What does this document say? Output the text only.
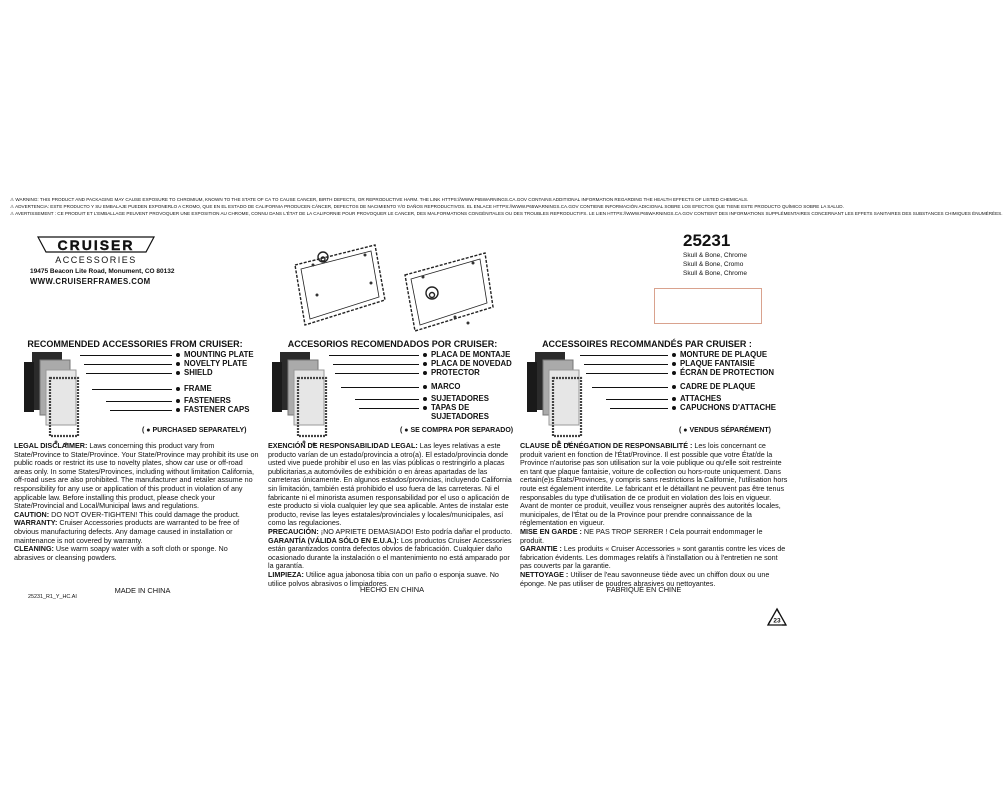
⚠ WARNING: THIS PRODUCT AND PACKAGING MAY CAUSE EXPOSURE TO CHROMIUM, KNOWN TO THE STATE OF CA TO CAUSE CANCER, BIRTH DEFECTS, OR REPRODUCTIVE HARM. THE LINK HTTPS://WWW.P65WARNINGS.CA.GOV CONTAINS ADDITIONAL INFORMATION REGARDING THE HEALTH EFFECTS OF LISTED CHEMICALS.
⚠ ADVERTENCIA: ESTE PRODUCTO Y SU EMBALAJE PUEDEN EXPONERLO A CROMO, QUE EN EL ESTADO DE CALIFORNIA PRODUCEN CÁNCER, DEFECTOS DE NACIMIENTO Y/O DAÑOS REPRODUCTIVOS. EL ENLACE HTTPS://WWW.P65WARNINGS.CA.GOV CONTIENE INFORMACIÓN ADICIONAL SOBRE LOS EFECTOS QUE TIENE ESTE PRODUCTO QUÍMICO SOBRE LA SALUD.
⚠ AVERTISSEMENT : CE PRODUIT ET L'EMBALLAGE PEUVENT PROVOQUER UNE EXPOSITION AU CHROME, CONNU DANS L'ÉTAT DE LA CALIFORNIE POUR PROVOQUER LE CANCER, DES MALFORMATIONS CONGÉNITALES OU DES TROUBLES REPRODUCTIFS. LE LIEN HTTPS://WWW.P65WARNINGS.CA.GOV CONTIENT DES INFORMATIONS SUPPLÉMENTAIRES CONCERNANT LES EFFETS SANITAIRES DES SUBSTANCES CHIMIQUES ÉNUMÉRÉES.
CRUISER
ACCESSORIES
19475 Beacon Lite Road, Monument, CO 80132
WWW.CRUISERFRAMES.COM
25231
Skull & Bone, Chrome
Skull & Bone, Cromo
Skull & Bone, Chrome
RECOMMENDED ACCESSORIES FROM CRUISER:	ACCESORIOS RECOMENDADOS POR CRUISER:	ACCESSOIRES RECOMMANDÉS PAR CRUISER :
MOUNTING PLATE
NOVELTY PLATE
SHIELD
FRAME
FASTENERS
FASTENER CAPS
( ● PURCHASED SEPARATELY)
PLACA DE MONTAJE
PLACA DE NOVEDAD
PROTECTOR
MARCO
SUJETADORES
TAPAS DE
SUJETADORES
( ● SE COMPRA POR SEPARADO)
MONTURE DE PLAQUE
PLAQUE FANTAISIE
ÉCRAN DE PROTECTION
CADRE DE PLAQUE
ATTACHES
CAPUCHONS D'ATTACHE
( ● VENDUS SÉPARÉMENT)

LEGAL DISCLAIMER: Laws concerning this product vary from State/Province to State/Province. Your State/Province may prohibit its use on public roads or restrict its use to novelty plates, show car use or off-road areas only. In some States/Provinces, including without limitation California, off-road uses are also prohibited. The manufacturer and retailer assume no responsibility for any use or application of this product in violation of any applicable law. Before installing this product, please check your State/Provincial and Local/Municipal laws and regulations.

CAUTION: DO NOT OVER-TIGHTEN! This could damage the product.

WARRANTY: Cruiser Accessories products are warranted to be free of obvious manufacturing defects. Any damage caused in installation or maintenance is not covered by warranty.

CLEANING: Use warm soapy water with a soft cloth or sponge. No abrasives or cleansing powders.

EXENCIÓN DE RESPONSABILIDAD LEGAL: Las leyes relativas a este producto varían de un estado/provincia a otro(a). El estado/provincia donde usted vive puede prohibir el uso en las vías públicas o restringirlo a placas publicitarias,a automóviles de exhibición o en áreas apartadas de las carreteras únicamente. En algunos estados/provincias, incluyendo California sin limitación, también está prohibido el uso fuera de las carreteras. Ni el fabricante ni el minorista asumen responsabilidad por el uso o aplicación de este producto si viola cualquier ley que sea aplicable. Antes de instalar este producto, revise las leyes estatales/provinciales y locales/municipales, así como las regulaciones.

PRECAUCIÓN: ¡NO APRIETE DEMASIADO! Esto podría dañar el producto.

GARANTÍA (VÁLIDA SÓLO EN E.U.A.): Los productos Cruiser Accessories están garantizados contra defectos obvios de fabricación. Cualquier daño ocasionado durante la instalación o el mantenimiento no está amparado por la garantía.

LIMPIEZA: Utilice agua jabonosa tibia con un paño o esponja suave. No utilice polvos abrasivos o limpiadores.

CLAUSE DE DÉNÉGATION DE RESPONSABILITÉ : Les lois concernant ce produit varient en fonction de l'État/Province. Il est possible que votre État/de la Province n'autorise pas son utilisation sur la voie publique ou qu'elle soit restreinte en tant que plaque fantaisie, voiture de collection ou hors-route uniquement. Dans certain(e)s États/Provinces, y compris sans restrictions la Californie, l'utilisation hors route est également interdite. Le fabricant et le détaillant ne peuvent pas être tenus responsables du type d'utilisation de ce produit en violation des lois en vigueur. Avant de monter ce produit, veuillez vous renseigner auprès des autorités locales, municipales, de l'État ou de la Province pour prendre connaissance de la réglementation en vigueur.

MISE EN GARDE : NE PAS TROP SERRER ! Cela pourrait endommager le produit.

GARANTIE : Les produits « Cruiser Accessories » sont garantis contre les vices de fabrication évidents. Les dommages relatifs à l'installation ou à l'entretien ne sont pas couverts par la garantie.

NETTOYAGE : Utiliser de l'eau savonneuse tiède avec un chiffon doux ou une éponge. Ne pas utiliser de poudres abrasives ou nettoyantes.

MADE IN CHINA	HECHO EN CHINA	FABRIQUÉ EN CHINE
25231_R1_Y_HC.AI
23
